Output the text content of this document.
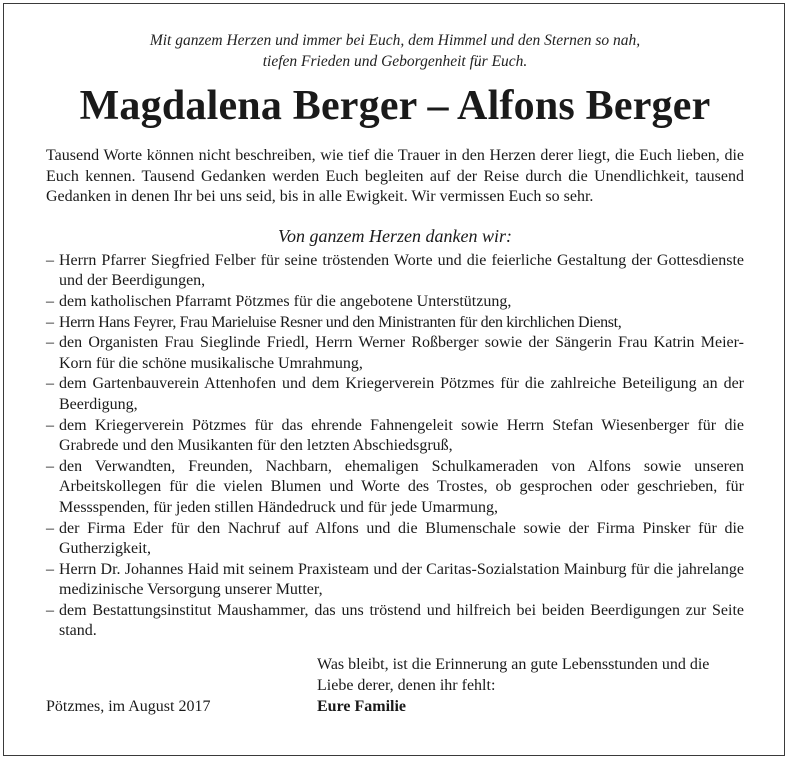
Mit ganzem Herzen und immer bei Euch, dem Himmel und den Sternen so nah,
tiefen Frieden und Geborgenheit für Euch.
Magdalena Berger – Alfons Berger
Tausend Worte können nicht beschreiben, wie tief die Trauer in den Herzen derer liegt, die Euch lieben, die Euch kennen. Tausend Gedanken werden Euch begleiten auf der Reise durch die Unendlichkeit, tausend Gedanken in denen Ihr bei uns seid, bis in alle Ewigkeit. Wir vermissen Euch so sehr.
Von ganzem Herzen danken wir:
– Herrn Pfarrer Siegfried Felber für seine tröstenden Worte und die feierliche Gestaltung der Gottesdienste und der Beerdigungen,
– dem katholischen Pfarramt Pötzmes für die angebotene Unterstützung,
– Herrn Hans Feyrer, Frau Marieluise Resner und den Ministranten für den kirchlichen Dienst,
– den Organisten Frau Sieglinde Friedl, Herrn Werner Roßberger sowie der Sängerin Frau Katrin Meier-Korn für die schöne musikalische Umrahmung,
– dem Gartenbauverein Attenhofen und dem Kriegerverein Pötzmes für die zahlreiche Beteiligung an der Beerdigung,
– dem Kriegerverein Pötzmes für das ehrende Fahnengeleit sowie Herrn Stefan Wiesenberger für die Grabrede und den Musikanten für den letzten Abschiedsgruß,
– den Verwandten, Freunden, Nachbarn, ehemaligen Schulkameraden von Alfons sowie unseren Arbeitskollegen für die vielen Blumen und Worte des Trostes, ob gesprochen oder geschrieben, für Messspenden, für jeden stillen Händedruck und für jede Umarmung,
– der Firma Eder für den Nachruf auf Alfons und die Blumenschale sowie der Firma Pinsker für die Gutherzigkeit,
– Herrn Dr. Johannes Haid mit seinem Praxisteam und der Caritas-Sozialstation Mainburg für die jahrelange medizinische Versorgung unserer Mutter,
– dem Bestattungsinstitut Maushammer, das uns tröstend und hilfreich bei beiden Beerdigungen zur Seite stand.
Was bleibt, ist die Erinnerung an gute Lebensstunden und die Liebe derer, denen ihr fehlt:
Pötzmes, im August 2017	Eure Familie
